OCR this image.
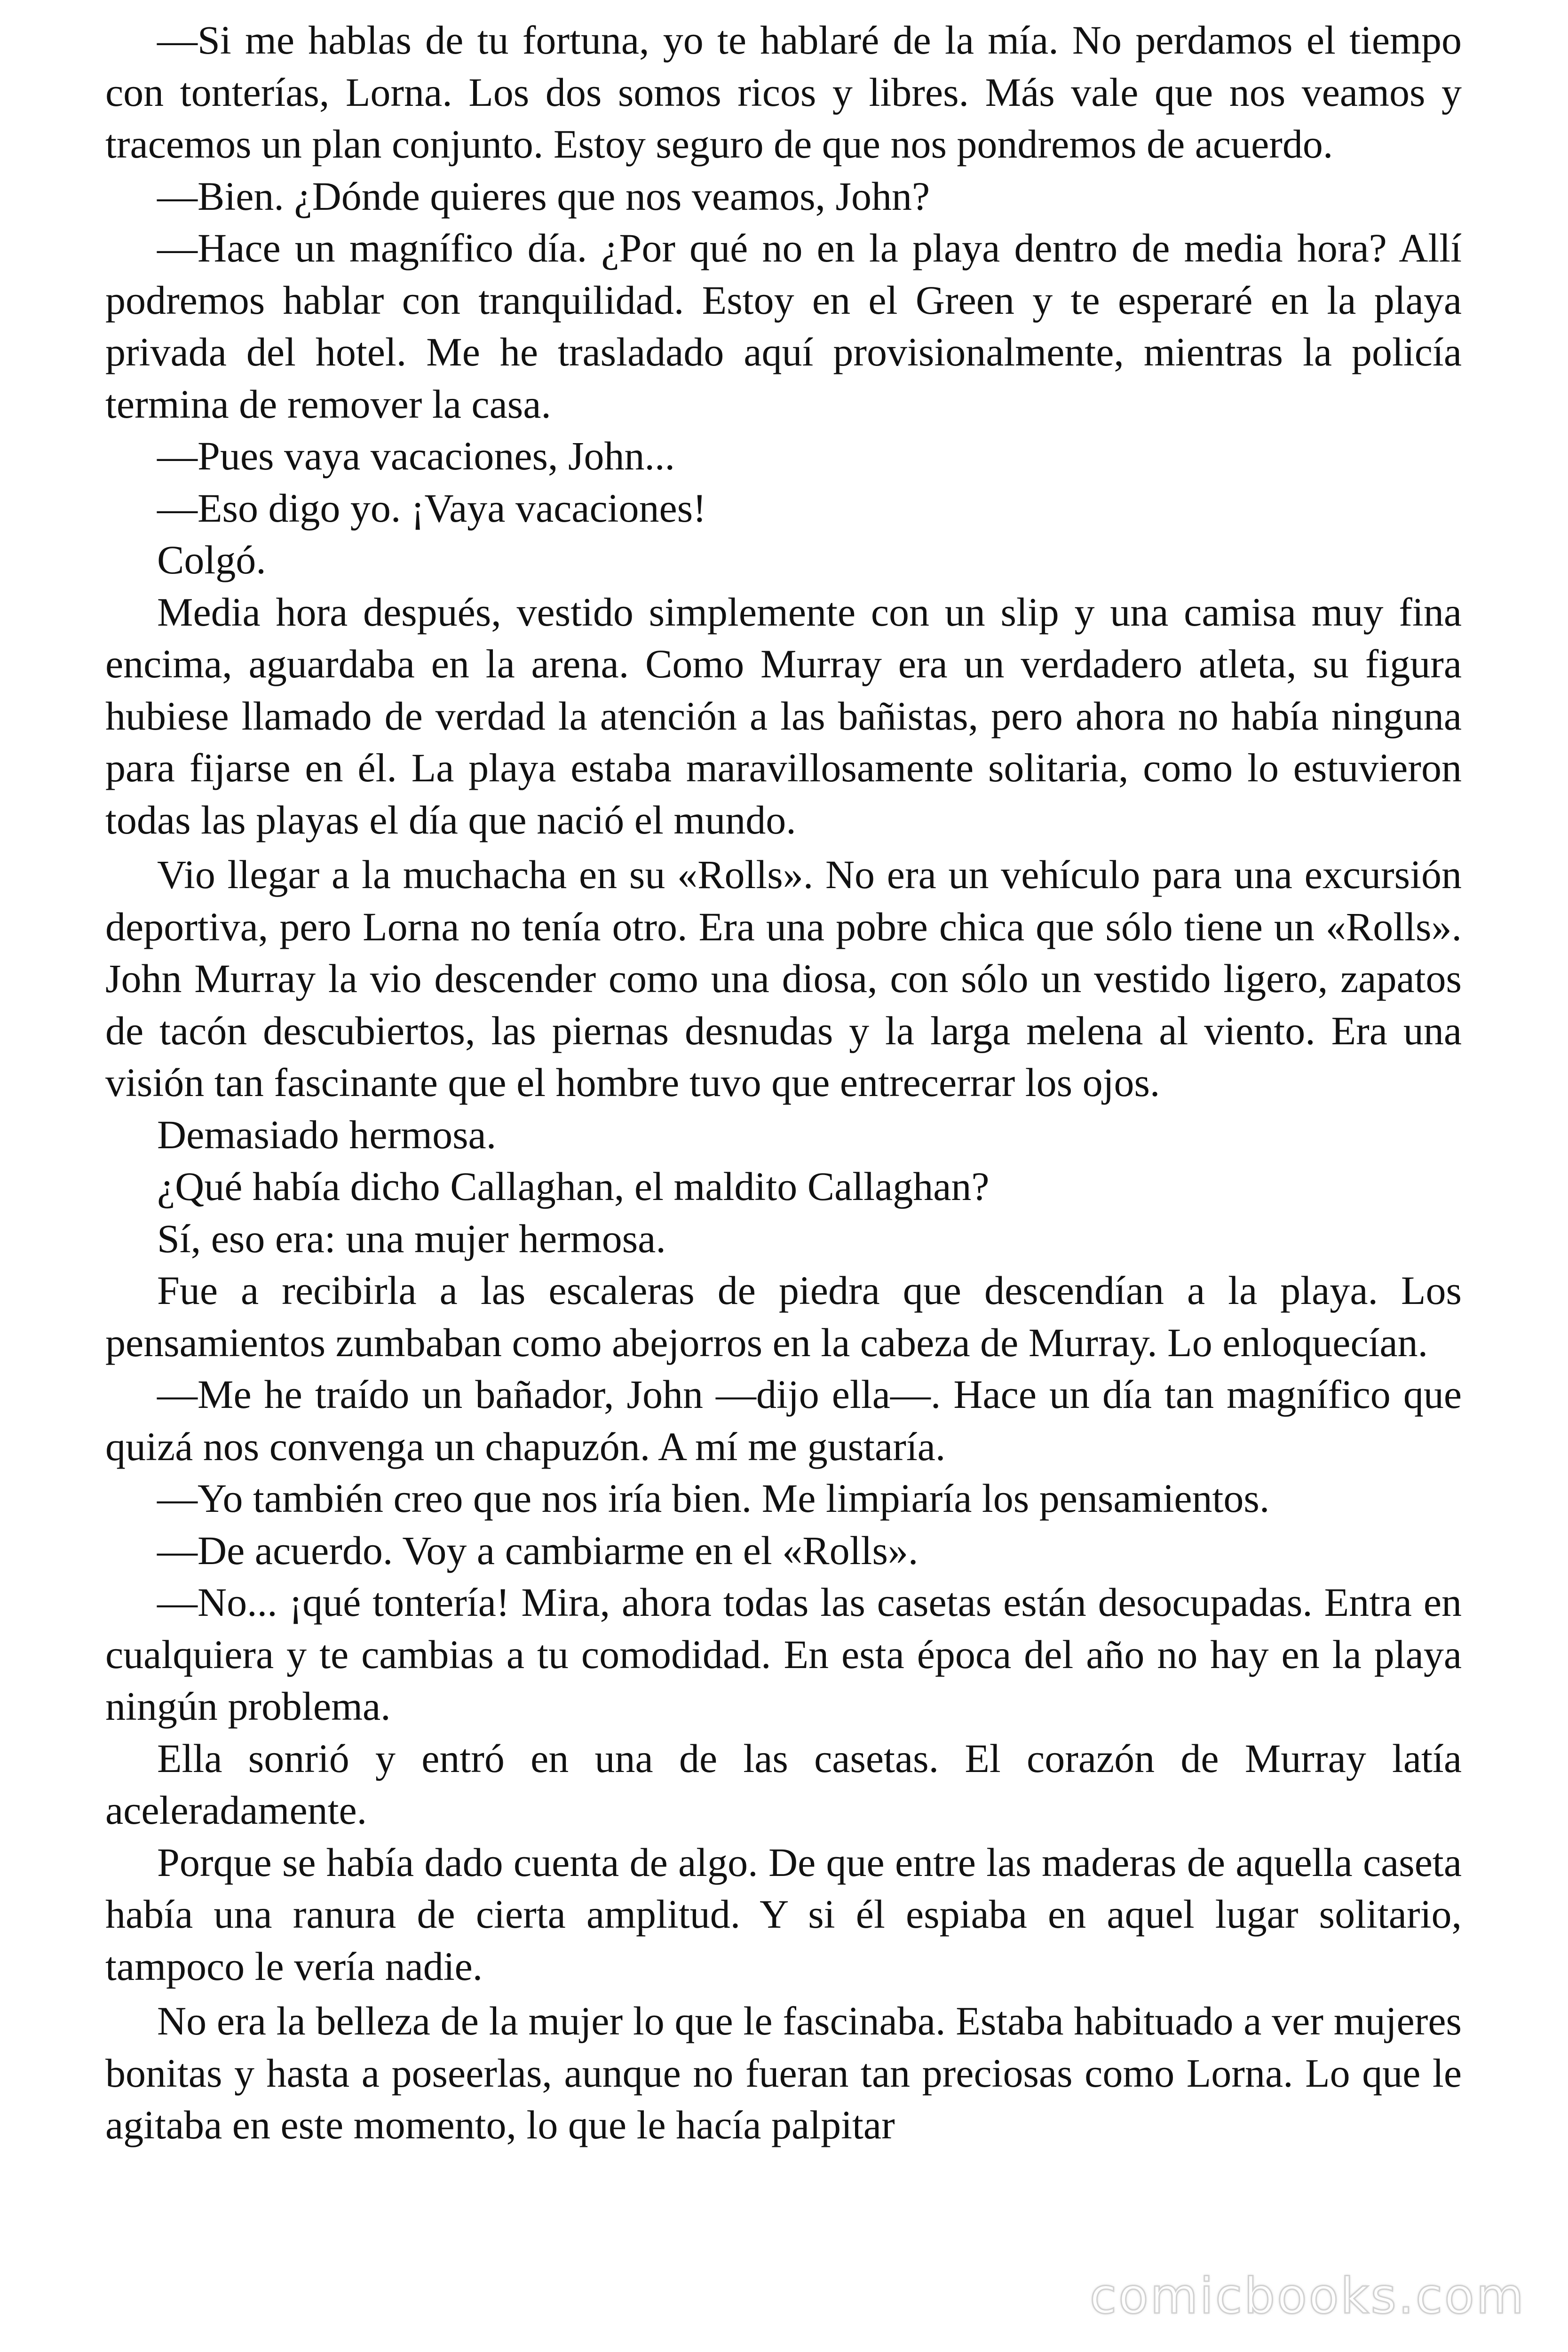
—Si me hablas de tu fortuna, yo te hablaré de la mía. No perdamos el tiempo con tonterías, Lorna. Los dos somos ricos y libres. Más vale que nos veamos y tracemos un plan conjunto. Estoy seguro de que nos pondremos de acuerdo.

—Bien. ¿Dónde quieres que nos veamos, John?

—Hace un magnífico día. ¿Por qué no en la playa dentro de media hora? Allí podremos hablar con tranquilidad. Estoy en el Green y te esperaré en la playa privada del hotel. Me he trasladado aquí provisionalmente, mientras la policía termina de remover la casa.

—Pues vaya vacaciones, John...

—Eso digo yo. ¡Vaya vacaciones!

Colgó.

Media hora después, vestido simplemente con un slip y una camisa muy fina encima, aguardaba en la arena. Como Murray era un verdadero atleta, su figura hubiese llamado de verdad la atención a las bañistas, pero ahora no había ninguna para fijarse en él. La playa estaba maravillosamente solitaria, como lo estuvieron todas las playas el día que nació el mundo.

Vio llegar a la muchacha en su «Rolls». No era un vehículo para una excursión deportiva, pero Lorna no tenía otro. Era una pobre chica que sólo tiene un «Rolls». John Murray la vio descender como una diosa, con sólo un vestido ligero, zapatos de tacón descubiertos, las piernas desnudas y la larga melena al viento. Era una visión tan fascinante que el hombre tuvo que entrecerrar los ojos.

Demasiado hermosa.

¿Qué había dicho Callaghan, el maldito Callaghan?

Sí, eso era: una mujer hermosa.

Fue a recibirla a las escaleras de piedra que descendían a la playa. Los pensamientos zumbaban como abejorros en la cabeza de Murray. Lo enloquecían.

—Me he traído un bañador, John —dijo ella—. Hace un día tan magnífico que quizá nos convenga un chapuzón. A mí me gustaría.

—Yo también creo que nos iría bien. Me limpiaría los pensamientos.

—De acuerdo. Voy a cambiarme en el «Rolls».

—No... ¡qué tontería! Mira, ahora todas las casetas están desocupadas. Entra en cualquiera y te cambias a tu comodidad. En esta época del año no hay en la playa ningún problema.

Ella sonrió y entró en una de las casetas. El corazón de Murray latía aceleradamente.

Porque se había dado cuenta de algo. De que entre las maderas de aquella caseta había una ranura de cierta amplitud. Y si él espiaba en aquel lugar solitario, tampoco le vería nadie.

No era la belleza de la mujer lo que le fascinaba. Estaba habituado a ver mujeres bonitas y hasta a poseerlas, aunque no fueran tan preciosas como Lorna. Lo que le agitaba en este momento, lo que le hacía palpitar

comicbooks.com
